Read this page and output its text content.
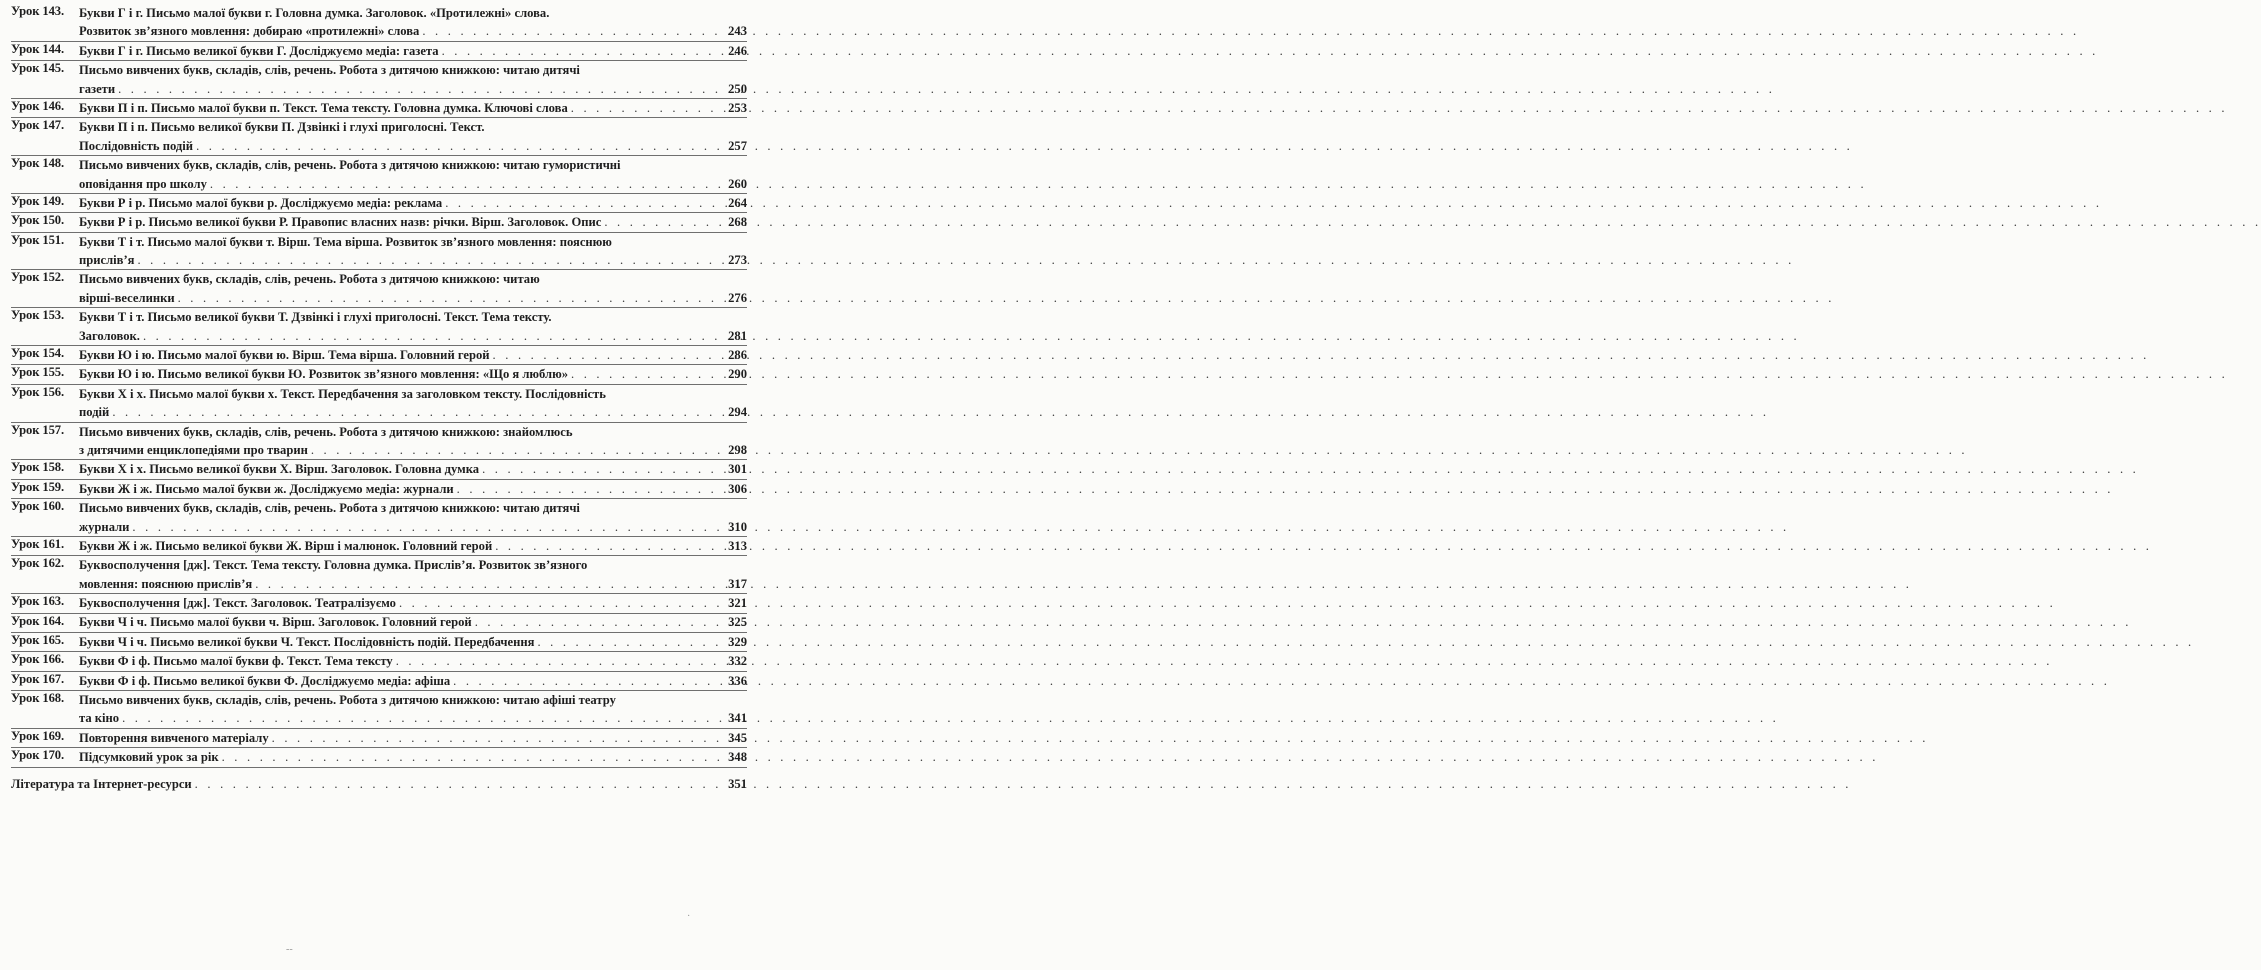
Урок 143.	Букви Г і г. Письмо малої букви г. Головна думка. Заголовок. «Протилежні» слова.
Розвиток зв’язного мовлення: добираю «протилежні» слова . . .	243
Урок 144.	Букви Г і г. Письмо великої букви Г. Досліджуємо медіа: газета . . .	246
Урок 145.	Письмо вивчених букв, складів, слів, речень. Робота з дитячою книжкою: читаю дитячі
газети . . .	250
Урок 146.	Букви П і п. Письмо малої букви п. Текст. Тема тексту. Головна думка. Ключові слова . . .	253
Урок 147.	Букви П і п. Письмо великої букви П. Дзвінкі і глухі приголосні. Текст.
Послідовність подій . . .	257
Урок 148.	Письмо вивчених букв, складів, слів, речень. Робота з дитячою книжкою: читаю гумористичні
оповідання про школу . . .	260
Урок 149.	Букви Р і р. Письмо малої букви р. Досліджуємо медіа: реклама . . .	264
Урок 150.	Букви Р і р. Письмо великої букви Р. Правопис власних назв: річки. Вірш. Заголовок. Опис . . .	268
Урок 151.	Букви Т і т. Письмо малої букви т. Вірш. Тема вірша. Розвиток зв’язного мовлення: пояснюю
прислів’я . . .	273
Урок 152.	Письмо вивчених букв, складів, слів, речень. Робота з дитячою книжкою: читаю
вірші-веселинки . . .	276
Урок 153.	Букви Т і т. Письмо великої букви Т. Дзвінкі і глухі приголосні. Текст. Тема тексту.
Заголовок. . . .	281
Урок 154.	Букви Ю і ю. Письмо малої букви ю. Вірш. Тема вірша. Головний герой . . .	286
Урок 155.	Букви Ю і ю. Письмо великої букви Ю. Розвиток зв’язного мовлення: «Що я люблю» . . .	290
Урок 156.	Букви Х і х. Письмо малої букви х. Текст. Передбачення за заголовком тексту. Послідовність
подій . . .	294
Урок 157.	Письмо вивчених букв, складів, слів, речень. Робота з дитячою книжкою: знайомлюсь
з дитячими енциклопедіями про тварин . . .	298
Урок 158.	Букви Х і х. Письмо великої букви Х. Вірш. Заголовок. Головна думка . . .	301
Урок 159.	Букви Ж і ж. Письмо малої букви ж. Досліджуємо медіа: журнали . . .	306
Урок 160.	Письмо вивчених букв, складів, слів, речень. Робота з дитячою книжкою: читаю дитячі
журнали . . .	310
Урок 161.	Букви Ж і ж. Письмо великої букви Ж. Вірш і малюнок. Головний герой . . .	313
Урок 162.	Буквосполучення [дж]. Текст. Тема тексту. Головна думка. Прислів’я. Розвиток зв’язного
мовлення: пояснюю прислів’я . . .	317
Урок 163.	Буквосполучення [дж]. Текст. Заголовок. Театралізуємо . . .	321
Урок 164.	Букви Ч і ч. Письмо малої букви ч. Вірш. Заголовок. Головний герой . . .	325
Урок 165.	Букви Ч і ч. Письмо великої букви Ч. Текст. Послідовність подій. Передбачення . . .	329
Урок 166.	Букви Ф і ф. Письмо малої букви ф. Текст. Тема тексту . . .	332
Урок 167.	Букви Ф і ф. Письмо великої букви Ф. Досліджуємо медіа: афіша . . .	336
Урок 168.	Письмо вивчених букв, складів, слів, речень. Робота з дитячою книжкою: читаю афіші театру
та кіно . . .	341
Урок 169.	Повторення вивченого матеріалу . . .	345
Урок 170.	Підсумковий урок за рік . . .	348
Література та Інтернет-ресурси . . .	351
‑‑
·
